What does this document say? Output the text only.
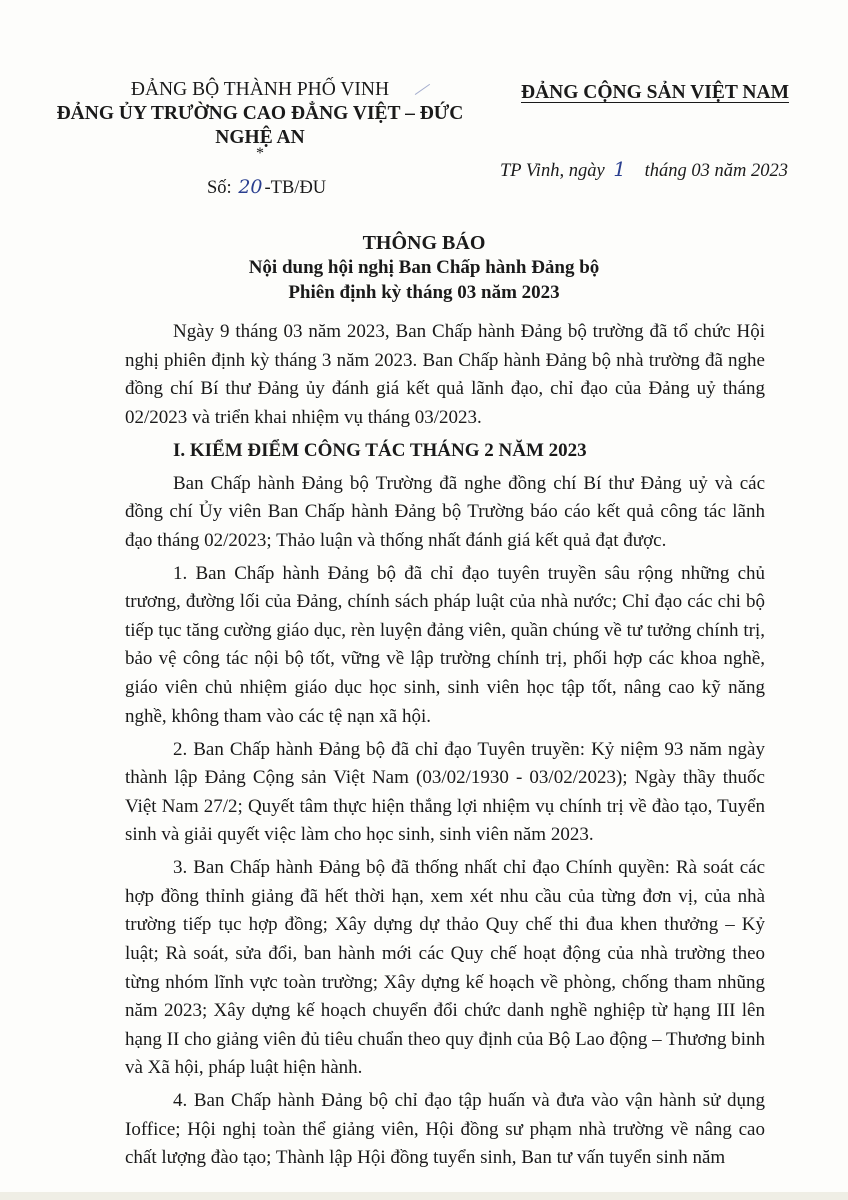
ĐẢNG BỘ THÀNH PHỐ VINH
ĐẢNG ỦY TRƯỜNG CAO ĐẲNG VIỆT – ĐỨC
NGHỆ AN
*
ĐẢNG CỘNG SẢN VIỆT NAM
Số: 20 -TB/ĐU
TP Vinh, ngày 1 tháng 03 năm 2023
THÔNG BÁO
Nội dung hội nghị Ban Chấp hành Đảng bộ
Phiên định kỳ tháng 03 năm 2023

Ngày 9 tháng 03 năm 2023, Ban Chấp hành Đảng bộ trường đã tổ chức Hội nghị phiên định kỳ tháng 3 năm 2023. Ban Chấp hành Đảng bộ nhà trường đã nghe đồng chí Bí thư Đảng ủy đánh giá kết quả lãnh đạo, chỉ đạo của Đảng uỷ tháng 02/2023 và triển khai nhiệm vụ tháng 03/2023.

I. KIỂM ĐIỂM CÔNG TÁC THÁNG 2 NĂM 2023

Ban Chấp hành Đảng bộ Trường đã nghe đồng chí Bí thư Đảng uỷ và các đồng chí Ủy viên Ban Chấp hành Đảng bộ Trường báo cáo kết quả công tác lãnh đạo tháng 02/2023; Thảo luận và thống nhất đánh giá kết quả đạt được.

1. Ban Chấp hành Đảng bộ đã chỉ đạo tuyên truyền sâu rộng những chủ trương, đường lối của Đảng, chính sách pháp luật của nhà nước; Chỉ đạo các chi bộ tiếp tục tăng cường giáo dục, rèn luyện đảng viên, quần chúng về tư tưởng chính trị, bảo vệ công tác nội bộ tốt, vững về lập trường chính trị, phối hợp các khoa nghề, giáo viên chủ nhiệm giáo dục học sinh, sinh viên học tập tốt, nâng cao kỹ năng nghề, không tham vào các tệ nạn xã hội.

2. Ban Chấp hành Đảng bộ đã chỉ đạo Tuyên truyền: Kỷ niệm 93 năm ngày thành lập Đảng Cộng sản Việt Nam (03/02/1930 - 03/02/2023); Ngày thầy thuốc Việt Nam 27/2; Quyết tâm thực hiện thắng lợi nhiệm vụ chính trị về đào tạo, Tuyển sinh và giải quyết việc làm cho học sinh, sinh viên năm 2023.

3. Ban Chấp hành Đảng bộ đã thống nhất chỉ đạo Chính quyền: Rà soát các hợp đồng thỉnh giảng đã hết thời hạn, xem xét nhu cầu của từng đơn vị, của nhà trường tiếp tục hợp đồng; Xây dựng dự thảo Quy chế thi đua khen thưởng – Kỷ luật; Rà soát, sửa đổi, ban hành mới các Quy chế hoạt động của nhà trường theo từng nhóm lĩnh vực toàn trường; Xây dựng kế hoạch về phòng, chống tham nhũng năm 2023; Xây dựng kế hoạch chuyển đổi chức danh nghề nghiệp từ hạng III lên hạng II cho giảng viên đủ tiêu chuẩn theo quy định của Bộ Lao động – Thương binh và Xã hội, pháp luật hiện hành.

4. Ban Chấp hành Đảng bộ chỉ đạo tập huấn và đưa vào vận hành sử dụng Ioffice; Hội nghị toàn thể giảng viên, Hội đồng sư phạm nhà trường về nâng cao chất lượng đào tạo; Thành lập Hội đồng tuyển sinh, Ban tư vấn tuyển sinh năm
